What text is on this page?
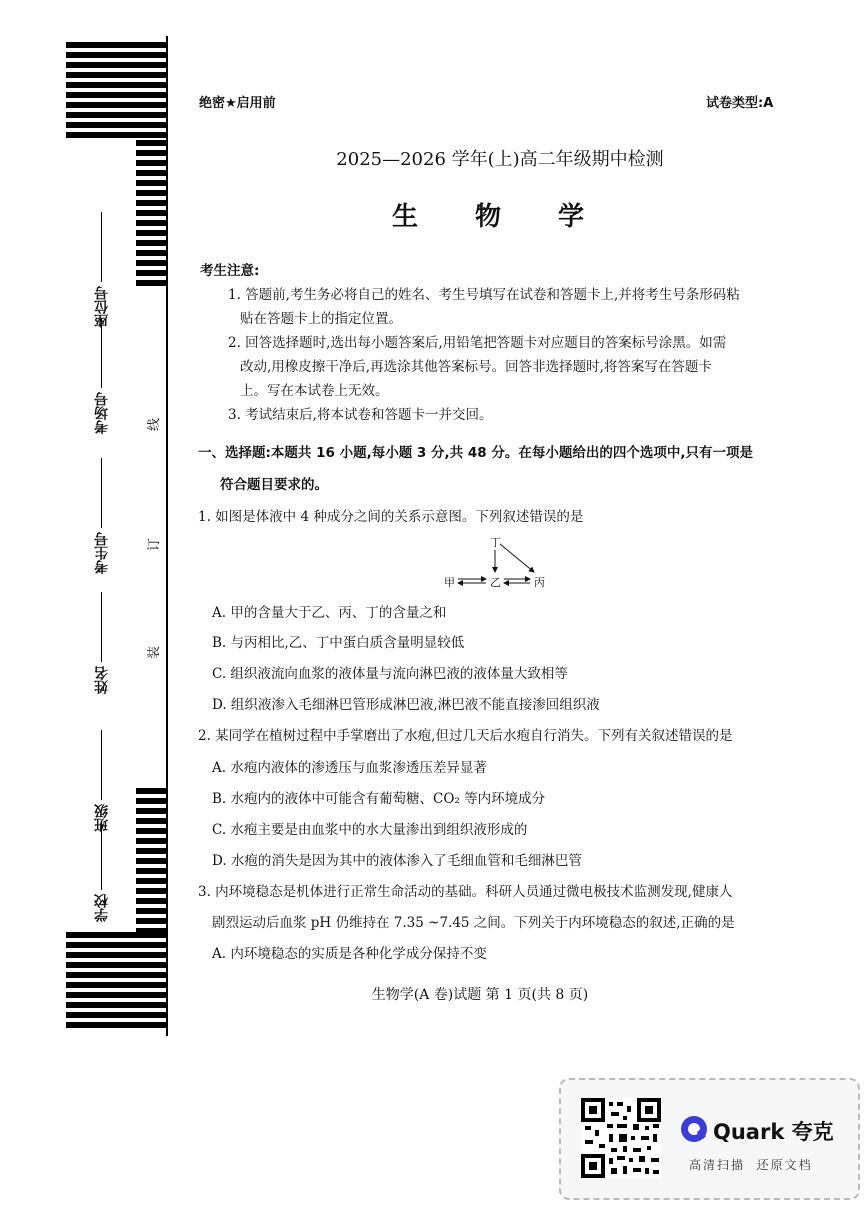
座位号
考场号
考生号
姓名
班级
学校
线
订
装
绝密★启用前	试卷类型:A
2025—2026 学年(上)高二年级期中检测
生 物 学
考生注意:
1. 答题前,考生务必将自己的姓名、考生号填写在试卷和答题卡上,并将考生号条形码粘
贴在答题卡上的指定位置。
2. 回答选择题时,选出每小题答案后,用铅笔把答题卡对应题目的答案标号涂黑。如需
改动,用橡皮擦干净后,再选涂其他答案标号。回答非选择题时,将答案写在答题卡
上。写在本试卷上无效。
3. 考试结束后,将本试卷和答题卡一并交回。
一、选择题:本题共 16 小题,每小题 3 分,共 48 分。在每小题给出的四个选项中,只有一项是
符合题目要求的。
1. 如图是体液中 4 种成分之间的关系示意图。下列叙述错误的是
丁
甲	乙	丙
A. 甲的含量大于乙、丙、丁的含量之和
B. 与丙相比,乙、丁中蛋白质含量明显较低
C. 组织液流向血浆的液体量与流向淋巴液的液体量大致相等
D. 组织液渗入毛细淋巴管形成淋巴液,淋巴液不能直接渗回组织液
2. 某同学在植树过程中手掌磨出了水疱,但过几天后水疱自行消失。下列有关叙述错误的是
A. 水疱内液体的渗透压与血浆渗透压差异显著
B. 水疱内的液体中可能含有葡萄糖、CO₂ 等内环境成分
C. 水疱主要是由血浆中的水大量渗出到组织液形成的
D. 水疱的消失是因为其中的液体渗入了毛细血管和毛细淋巴管
3. 内环境稳态是机体进行正常生命活动的基础。科研人员通过微电极技术监测发现,健康人
剧烈运动后血浆 pH 仍维持在 7.35 ~7.45 之间。下列关于内环境稳态的叙述,正确的是
A. 内环境稳态的实质是各种化学成分保持不变
生物学(A 卷)试题 第 1 页(共 8 页)
Quark 夸克
高清扫描  还原文档
